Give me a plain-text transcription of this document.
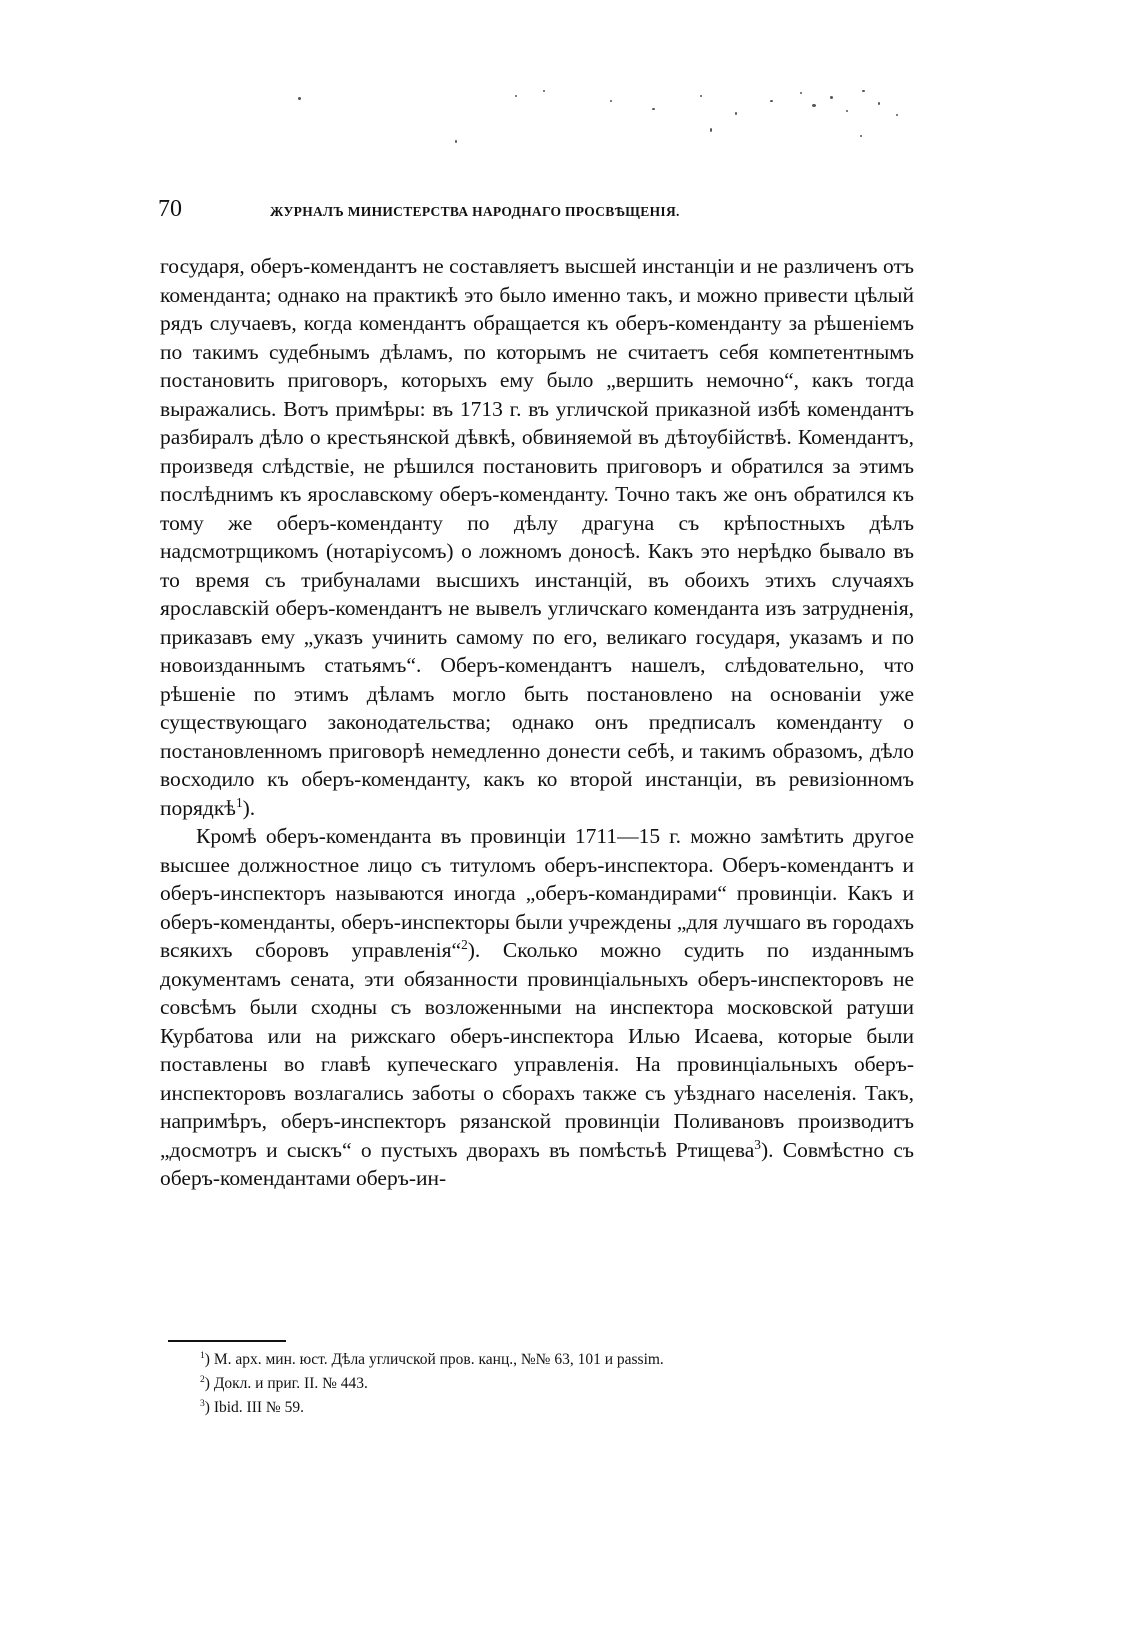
70	ЖУРНАЛЪ МИНИСТЕРСТВА НАРОДНАГО ПРОСВѢЩЕНІЯ.

государя, оберъ-комендантъ не составляетъ высшей инстанціи и не различенъ отъ коменданта; однако на практикѣ это было именно такъ, и можно привести цѣлый рядъ случаевъ, когда комендантъ обращается къ оберъ-коменданту за рѣшеніемъ по такимъ судебнымъ дѣламъ, по которымъ не считаетъ себя компетентнымъ постановить приговоръ, которыхъ ему было „вершить немочно“, какъ тогда выражались. Вотъ примѣры: въ 1713 г. въ угличской приказной избѣ комендантъ разбиралъ дѣло о крестьянской дѣвкѣ, обвиняемой въ дѣтоубійствѣ. Комендантъ, произведя слѣдствіе, не рѣшился постановить приговоръ и обратился за этимъ послѣднимъ къ ярославскому оберъ-коменданту. Точно такъ же онъ обратился къ тому же оберъ-коменданту по дѣлу драгуна съ крѣпостныхъ дѣлъ надсмотрщикомъ (нотаріусомъ) о ложномъ доносѣ. Какъ это нерѣдко бывало въ то время съ трибуналами высшихъ инстанцій, въ обоихъ этихъ случаяхъ ярославскій оберъ-комендантъ не вывелъ угличскаго коменданта изъ затрудненія, приказавъ ему „указъ учинить самому по его, великаго государя, указамъ и по новоизданнымъ статьямъ“. Оберъ-комендантъ нашелъ, слѣдовательно, что рѣшеніе по этимъ дѣламъ могло быть постановлено на основаніи уже существующаго законодательства; однако онъ предписалъ коменданту о постановленномъ приговорѣ немедленно донести себѣ, и такимъ образомъ, дѣло восходило къ оберъ-коменданту, какъ ко второй инстанціи, въ ревизіонномъ порядкѣ$^1$).

Кромѣ оберъ-коменданта въ провинціи 1711—15 г. можно замѣтить другое высшее должностное лицо съ титуломъ оберъ-инспектора. Оберъ-комендантъ и оберъ-инспекторъ называются иногда „оберъ-командирами“ провинціи. Какъ и оберъ-коменданты, оберъ-инспекторы были учреждены „для лучшаго въ городахъ всякихъ сборовъ управленія“$^2$). Сколько можно судить по изданнымъ документамъ сената, эти обязанности провинціальныхъ оберъ-инспекторовъ не совсѣмъ были сходны съ возложенными на инспектора московской ратуши Курбатова или на рижскаго оберъ-инспектора Илью Исаева, которые были поставлены во главѣ купеческаго управленія. На провинціальныхъ оберъ-инспекторовъ возлагались заботы о сборахъ также съ уѣзднаго населенія. Такъ, напримѣръ, оберъ-инспекторъ рязанской провинціи Поливановъ производитъ „досмотръ и сыскъ“ о пустыхъ дворахъ въ помѣстьѣ Ртищева$^3$). Совмѣстно съ оберъ-комендантами оберъ-ин-

$^1$) М. арх. мин. юст. Дѣла угличской пров. канц., №№ 63, 101 и passim.

$^2$) Докл. и приг. II. № 443.

$^3$) Ibid. III № 59.
